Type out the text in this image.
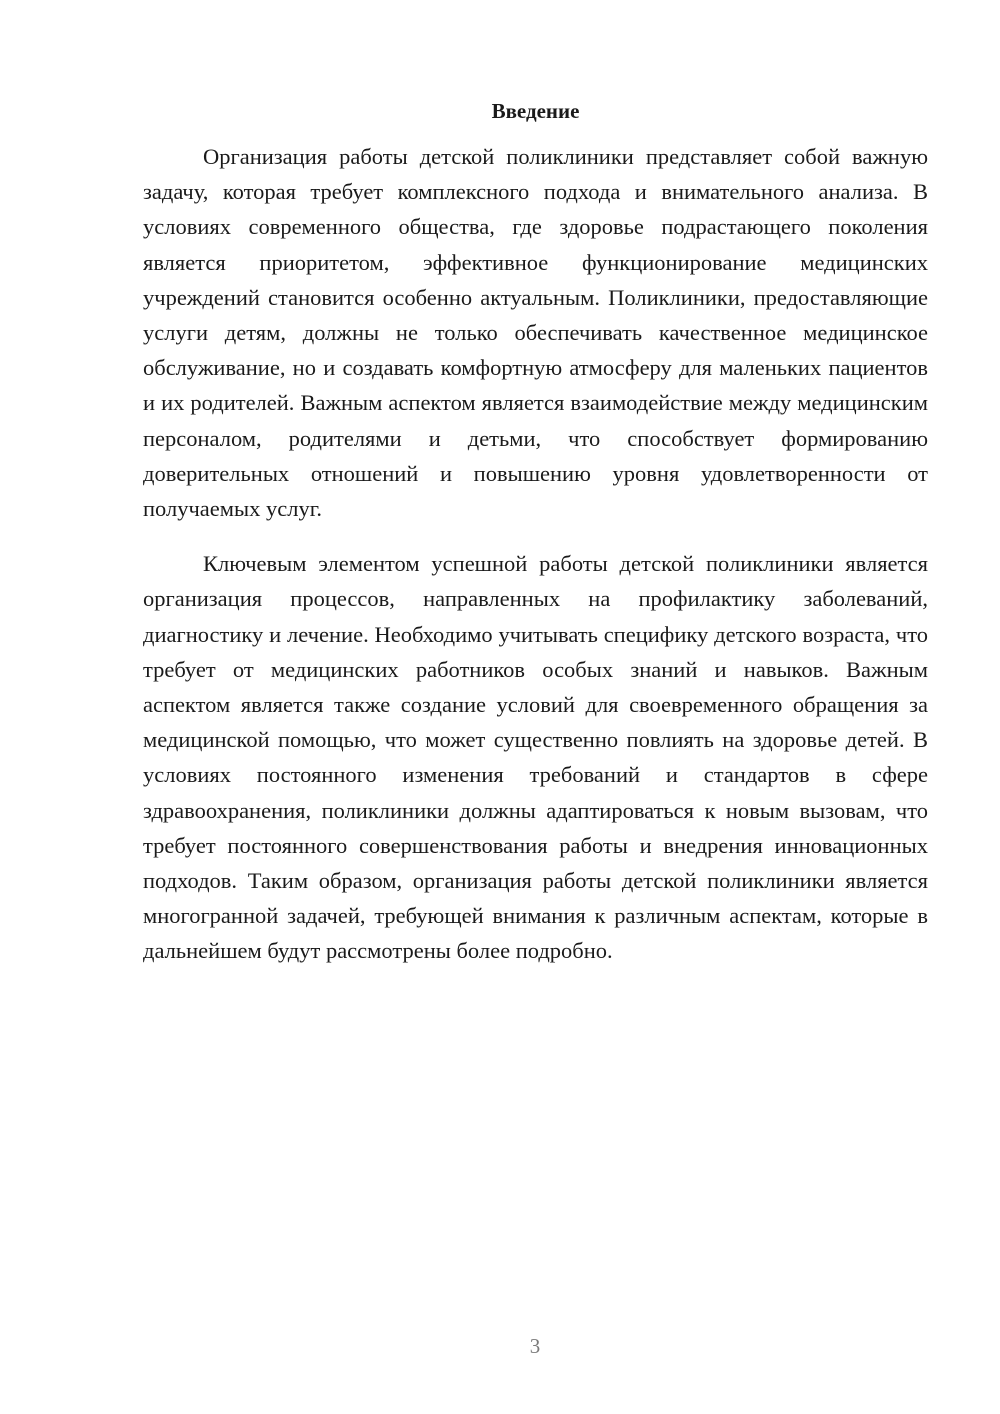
Введение

Организация работы детской поликлиники представляет собой важную задачу, которая требует комплексного подхода и внимательного анализа. В условиях современного общества, где здоровье подрастающего поколения является приоритетом, эффективное функционирование медицинских учреждений становится особенно актуальным. Поликлиники, предоставляющие услуги детям, должны не только обеспечивать качественное медицинское обслуживание, но и создавать комфортную атмосферу для маленьких пациентов и их родителей. Важным аспектом является взаимодействие между медицинским персоналом, родителями и детьми, что способствует формированию доверительных отношений и повышению уровня удовлетворенности от получаемых услуг.

Ключевым элементом успешной работы детской поликлиники является организация процессов, направленных на профилактику заболеваний, диагностику и лечение. Необходимо учитывать специфику детского возраста, что требует от медицинских работников особых знаний и навыков. Важным аспектом является также создание условий для своевременного обращения за медицинской помощью, что может существенно повлиять на здоровье детей. В условиях постоянного изменения требований и стандартов в сфере здравоохранения, поликлиники должны адаптироваться к новым вызовам, что требует постоянного совершенствования работы и внедрения инновационных подходов. Таким образом, организация работы детской поликлиники является многогранной задачей, требующей внимания к различным аспектам, которые в дальнейшем будут рассмотрены более подробно.

3
